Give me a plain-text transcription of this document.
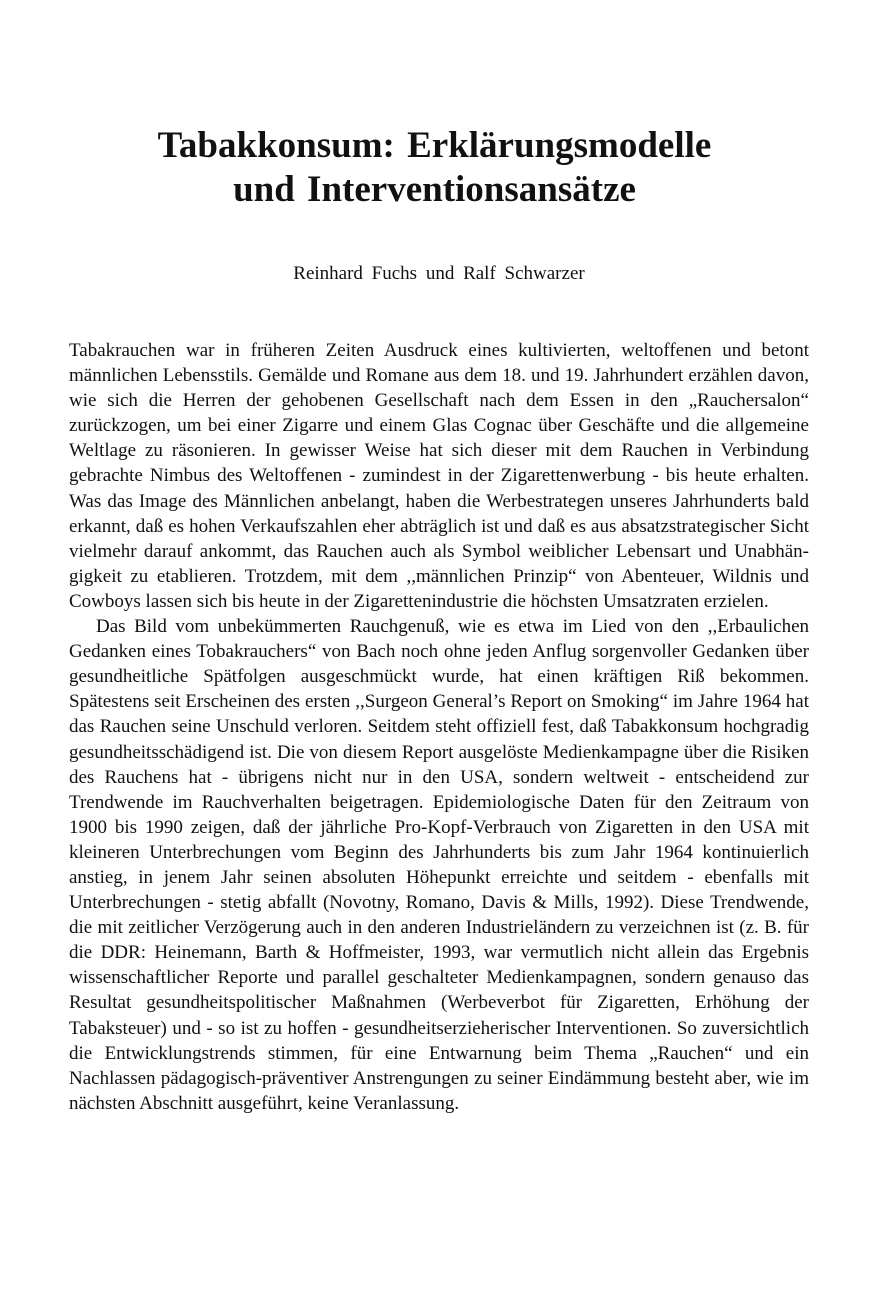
Tabakkonsum: Erklärungsmodelle
und Interventionsansätze
Reinhard Fuchs und Ralf Schwarzer

Tabakrauchen war in früheren Zeiten Ausdruck eines kultivierten, weltoffenen und betont männlichen Lebensstils. Gemälde und Romane aus dem 18. und 19. Jahrhundert erzählen davon, wie sich die Herren der gehobenen Gesellschaft nach dem Essen in den „Rauchersalon“ zurückzogen, um bei einer Zigarre und einem Glas Cognac über Geschäfte und die allgemeine Weltlage zu räsonieren. In gewisser Weise hat sich dieser mit dem Rauchen in Verbindung gebrachte Nimbus des Weltoffenen - zumindest in der Zigarettenwerbung - bis heute erhalten. Was das Image des Männlichen anbelangt, haben die Werbestrategen unseres Jahrhunderts bald erkannt, daß es hohen Verkaufszahlen eher abträglich ist und daß es aus absatzstrategischer Sicht vielmehr darauf ankommt, das Rauchen auch als Symbol weiblicher Lebensart und Unabhängigkeit zu etablieren. Trotzdem, mit dem ,,männlichen Prinzip“ von Abenteuer, Wildnis und Cowboys lassen sich bis heute in der Zigarettenindustrie die höchsten Umsatzraten erzielen.

Das Bild vom unbekümmerten Rauchgenuß, wie es etwa im Lied von den ,,Erbaulichen Gedanken eines Tobakrauchers“ von Bach noch ohne jeden Anflug sorgenvoller Gedanken über gesundheitliche Spätfolgen ausgeschmückt wurde, hat einen kräftigen Riß bekommen. Spätestens seit Erscheinen des ersten ,,Surgeon General’s Report on Smoking“ im Jahre 1964 hat das Rauchen seine Unschuld verloren. Seitdem steht offiziell fest, daß Tabakkonsum hochgradig gesundheitsschädigend ist. Die von diesem Report ausgelöste Medienkampagne über die Risiken des Rauchens hat - übrigens nicht nur in den USA, sondern weltweit - entscheidend zur Trendwende im Rauchverhalten beigetragen. Epidemiologische Daten für den Zeitraum von 1900 bis 1990 zeigen, daß der jährliche Pro-Kopf-Verbrauch von Zigaretten in den USA mit kleineren Unterbrechungen vom Beginn des Jahrhunderts bis zum Jahr 1964 kontinuierlich anstieg, in jenem Jahr seinen absoluten Höhepunkt erreichte und seitdem - ebenfalls mit Unterbrechungen - stetig abfallt (Novotny, Romano, Davis & Mills, 1992). Diese Trendwende, die mit zeitlicher Verzögerung auch in den anderen Industrieländern zu verzeichnen ist (z. B. für die DDR: Heinemann, Barth & Hoffmeister, 1993, war vermutlich nicht allein das Ergebnis wissenschaftlicher Reporte und parallel geschalteter Medienkampagnen, sondern genauso das Resultat gesundheitspolitischer Maßnahmen (Werbeverbot für Zigaretten, Erhöhung der Tabaksteuer) und - so ist zu hoffen - gesundheitserzieherischer Interventionen. So zuversichtlich die Entwicklungstrends stimmen, für eine Entwarnung beim Thema „Rauchen“ und ein Nachlassen pädagogisch-präventiver Anstrengungen zu seiner Eindämmung besteht aber, wie im nächsten Abschnitt ausgeführt, keine Veranlassung.
